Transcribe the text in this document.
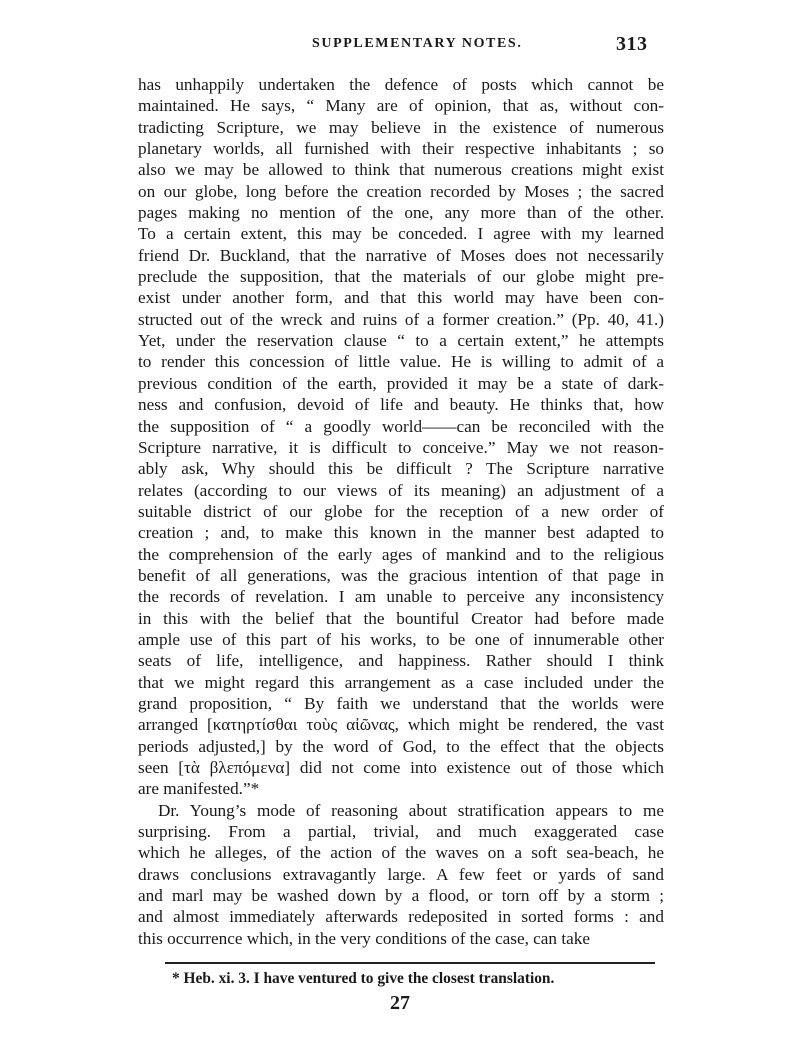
SUPPLEMENTARY NOTES.	313
has unhappily undertaken the defence of posts which cannot be
maintained. He says, “ Many are of opinion, that as, without con-
tradicting Scripture, we may believe in the existence of numerous
planetary worlds, all furnished with their respective inhabitants ; so
also we may be allowed to think that numerous creations might exist
on our globe, long before the creation recorded by Moses ; the sacred
pages making no mention of the one, any more than of the other.
To a certain extent, this may be conceded. I agree with my learned
friend Dr. Buckland, that the narrative of Moses does not necessarily
preclude the supposition, that the materials of our globe might pre-
exist under another form, and that this world may have been con-
structed out of the wreck and ruins of a former creation.” (Pp. 40, 41.)
Yet, under the reservation clause “ to a certain extent,” he attempts
to render this concession of little value. He is willing to admit of a
previous condition of the earth, provided it may be a state of dark-
ness and confusion, devoid of life and beauty. He thinks that, how
the supposition of “ a goodly world——can be reconciled with the
Scripture narrative, it is difficult to conceive.” May we not reason-
ably ask, Why should this be difficult ? The Scripture narrative
relates (according to our views of its meaning) an adjustment of a
suitable district of our globe for the reception of a new order of
creation ; and, to make this known in the manner best adapted to
the comprehension of the early ages of mankind and to the religious
benefit of all generations, was the gracious intention of that page in
the records of revelation. I am unable to perceive any inconsistency
in this with the belief that the bountiful Creator had before made
ample use of this part of his works, to be one of innumerable other
seats of life, intelligence, and happiness. Rather should I think
that we might regard this arrangement as a case included under the
grand proposition, “ By faith we understand that the worlds were
arranged [κατηρτίσθαι τοὺς αἰῶνας, which might be rendered, the vast
periods adjusted,] by the word of God, to the effect that the objects
seen [τὰ βλεπόμενα] did not come into existence out of those which
are manifested.”*
Dr. Young’s mode of reasoning about stratification appears to me
surprising. From a partial, trivial, and much exaggerated case
which he alleges, of the action of the waves on a soft sea-beach, he
draws conclusions extravagantly large. A few feet or yards of sand
and marl may be washed down by a flood, or torn off by a storm ;
and almost immediately afterwards redeposited in sorted forms : and
this occurrence which, in the very conditions of the case, can take
* Heb. xi. 3. I have ventured to give the closest translation.
27
